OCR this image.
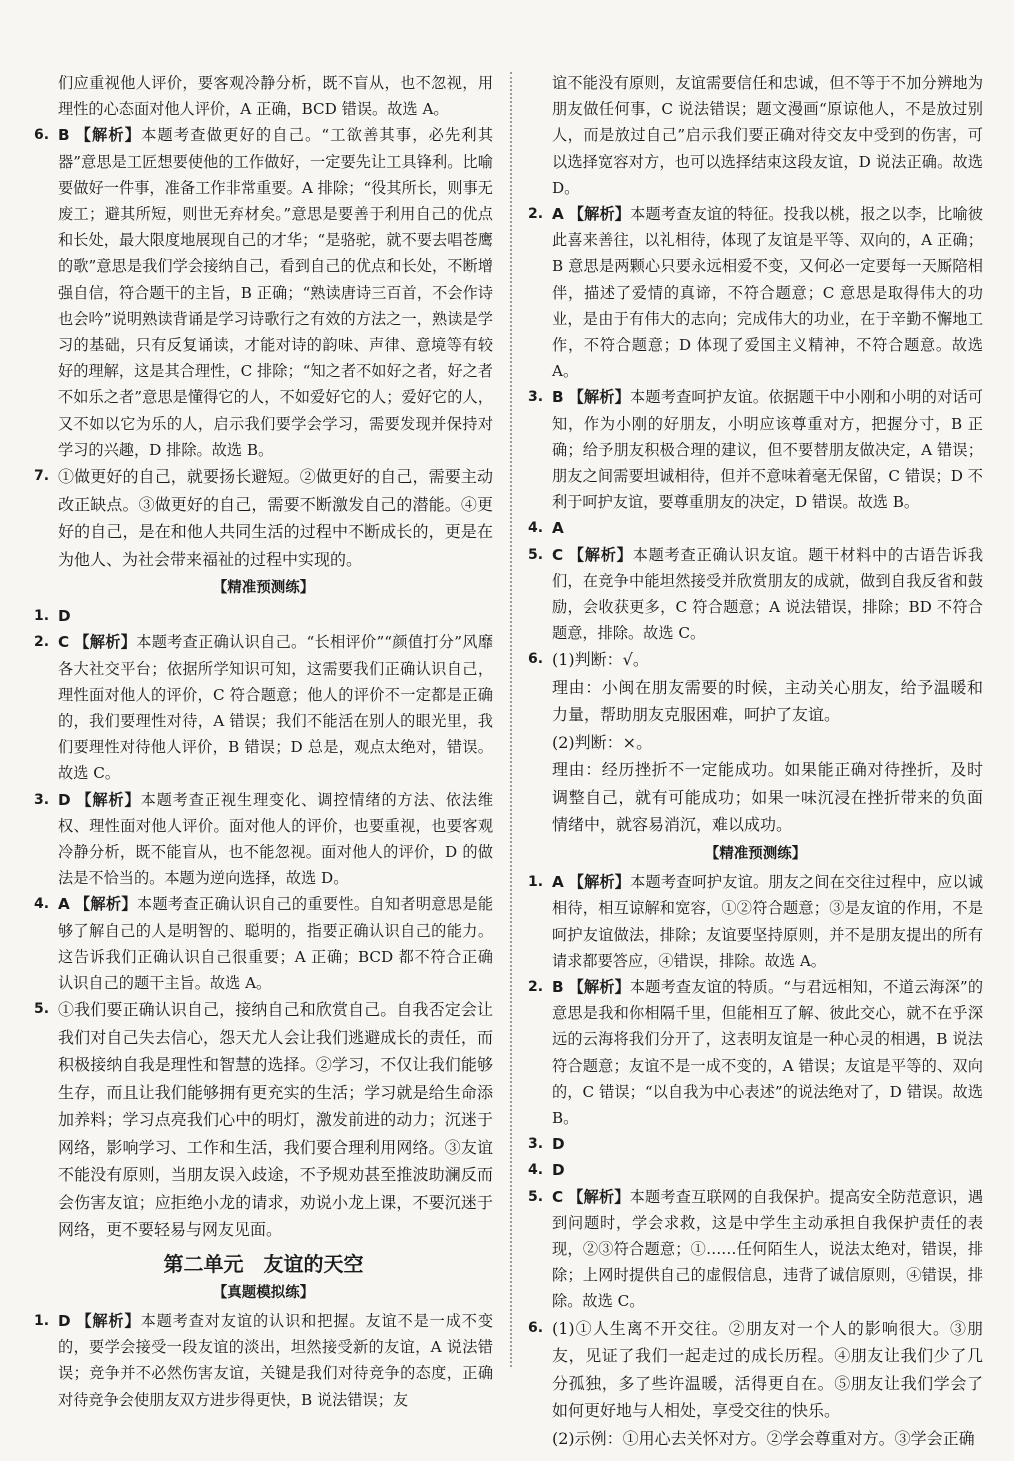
们应重视他人评价，要客观冷静分析，既不盲从，也不忽视，用理性的心态面对他人评价，A 正确，BCD 错误。故选 A。

6. B 【解析】本题考查做更好的自己。“工欲善其事，必先利其器”意思是工匠想要使他的工作做好，一定要先让工具锋利。比喻要做好一件事，准备工作非常重要。A 排除；“役其所长，则事无废工；避其所短，则世无弃材矣。”意思是要善于利用自己的优点和长处，最大限度地展现自己的才华；“是骆驼，就不要去唱苍鹰的歌”意思是我们学会接纳自己，看到自己的优点和长处，不断增强自信，符合题干的主旨，B 正确；“熟读唐诗三百首，不会作诗也会吟”说明熟读背诵是学习诗歌行之有效的方法之一，熟读是学习的基础，只有反复诵读，才能对诗的韵味、声律、意境等有较好的理解，这是其合理性，C 排除；“知之者不如好之者，好之者不如乐之者”意思是懂得它的人，不如爱好它的人；爱好它的人，又不如以它为乐的人，启示我们要学会学习，需要发现并保持对学习的兴趣，D 排除。故选 B。

7. ①做更好的自己，就要扬长避短。②做更好的自己，需要主动改正缺点。③做更好的自己，需要不断激发自己的潜能。④更好的自己，是在和他人共同生活的过程中不断成长的，更是在为他人、为社会带来福祉的过程中实现的。

【精准预测练】

1. D

2. C 【解析】本题考查正确认识自己。“长相评价”“颜值打分”风靡各大社交平台；依据所学知识可知，这需要我们正确认识自己，理性面对他人的评价，C 符合题意；他人的评价不一定都是正确的，我们要理性对待，A 错误；我们不能活在别人的眼光里，我们要理性对待他人评价，B 错误；D 总是，观点太绝对，错误。故选 C。

3. D 【解析】本题考查正视生理变化、调控情绪的方法、依法维权、理性面对他人评价。面对他人的评价，也要重视，也要客观冷静分析，既不能盲从，也不能忽视。面对他人的评价，D 的做法是不恰当的。本题为逆向选择，故选 D。

4. A 【解析】本题考查正确认识自己的重要性。自知者明意思是能够了解自己的人是明智的、聪明的，指要正确认识自己的能力。这告诉我们正确认识自己很重要；A 正确；BCD 都不符合正确认识自己的题干主旨。故选 A。

5. ①我们要正确认识自己，接纳自己和欣赏自己。自我否定会让我们对自己失去信心，怨天尤人会让我们逃避成长的责任，而积极接纳自我是理性和智慧的选择。②学习，不仅让我们能够生存，而且让我们能够拥有更充实的生活；学习就是给生命添加养料；学习点亮我们心中的明灯，激发前进的动力；沉迷于网络，影响学习、工作和生活，我们要合理利用网络。③友谊不能没有原则，当朋友误入歧途，不予规劝甚至推波助澜反而会伤害友谊；应拒绝小龙的请求，劝说小龙上课，不要沉迷于网络，更不要轻易与网友见面。

第二单元　友谊的天空
【真题模拟练】

1. D 【解析】本题考查对友谊的认识和把握。友谊不是一成不变的，要学会接受一段友谊的淡出，坦然接受新的友谊，A 说法错误；竞争并不必然伤害友谊，关键是我们对待竞争的态度，正确对待竞争会使朋友双方进步得更快，B 说法错误；友

谊不能没有原则，友谊需要信任和忠诚，但不等于不加分辨地为朋友做任何事，C 说法错误；题文漫画“原谅他人，不是放过别人，而是放过自己”启示我们要正确对待交友中受到的伤害，可以选择宽容对方，也可以选择结束这段友谊，D 说法正确。故选 D。

2. A 【解析】本题考查友谊的特征。投我以桃，报之以李，比喻彼此喜来善往，以礼相待，体现了友谊是平等、双向的，A 正确；B 意思是两颗心只要永远相爱不变，又何必一定要每一天厮陪相伴，描述了爱情的真谛，不符合题意；C 意思是取得伟大的功业，是由于有伟大的志向；完成伟大的功业，在于辛勤不懈地工作，不符合题意；D 体现了爱国主义精神，不符合题意。故选 A。

3. B 【解析】本题考查呵护友谊。依据题干中小刚和小明的对话可知，作为小刚的好朋友，小明应该尊重对方，把握分寸，B 正确；给予朋友积极合理的建议，但不要替朋友做决定，A 错误；朋友之间需要坦诚相待，但并不意味着毫无保留，C 错误；D 不利于呵护友谊，要尊重朋友的决定，D 错误。故选 B。

4. A

5. C 【解析】本题考查正确认识友谊。题干材料中的古语告诉我们，在竞争中能坦然接受并欣赏朋友的成就，做到自我反省和鼓励，会收获更多，C 符合题意；A 说法错误，排除；BD 不符合题意，排除。故选 C。

6. (1)判断：√。

理由：小闽在朋友需要的时候，主动关心朋友，给予温暖和力量，帮助朋友克服困难，呵护了友谊。

(2)判断：×。

理由：经历挫折不一定能成功。如果能正确对待挫折，及时调整自己，就有可能成功；如果一味沉浸在挫折带来的负面情绪中，就容易消沉，难以成功。

【精准预测练】

1. A 【解析】本题考查呵护友谊。朋友之间在交往过程中，应以诚相待，相互谅解和宽容，①②符合题意；③是友谊的作用，不是呵护友谊做法，排除；友谊要坚持原则，并不是朋友提出的所有请求都要答应，④错误，排除。故选 A。

2. B 【解析】本题考查友谊的特质。“与君远相知，不道云海深”的意思是我和你相隔千里，但能相互了解、彼此交心，就不在乎深远的云海将我们分开了，这表明友谊是一种心灵的相遇，B 说法符合题意；友谊不是一成不变的，A 错误；友谊是平等的、双向的，C 错误；“以自我为中心表述”的说法绝对了，D 错误。故选 B。

3. D

4. D

5. C 【解析】本题考查互联网的自我保护。提高安全防范意识，遇到问题时，学会求救，这是中学生主动承担自我保护责任的表现，②③符合题意；①……任何陌生人，说法太绝对，错误，排除；上网时提供自己的虚假信息，违背了诚信原则，④错误，排除。故选 C。

6. (1)①人生离不开交往。②朋友对一个人的影响很大。③朋友，见证了我们一起走过的成长历程。④朋友让我们少了几分孤独，多了些许温暖，活得更自在。⑤朋友让我们学会了如何更好地与人相处，享受交往的快乐。

(2)示例：①用心去关怀对方。②学会尊重对方。③学会正确
